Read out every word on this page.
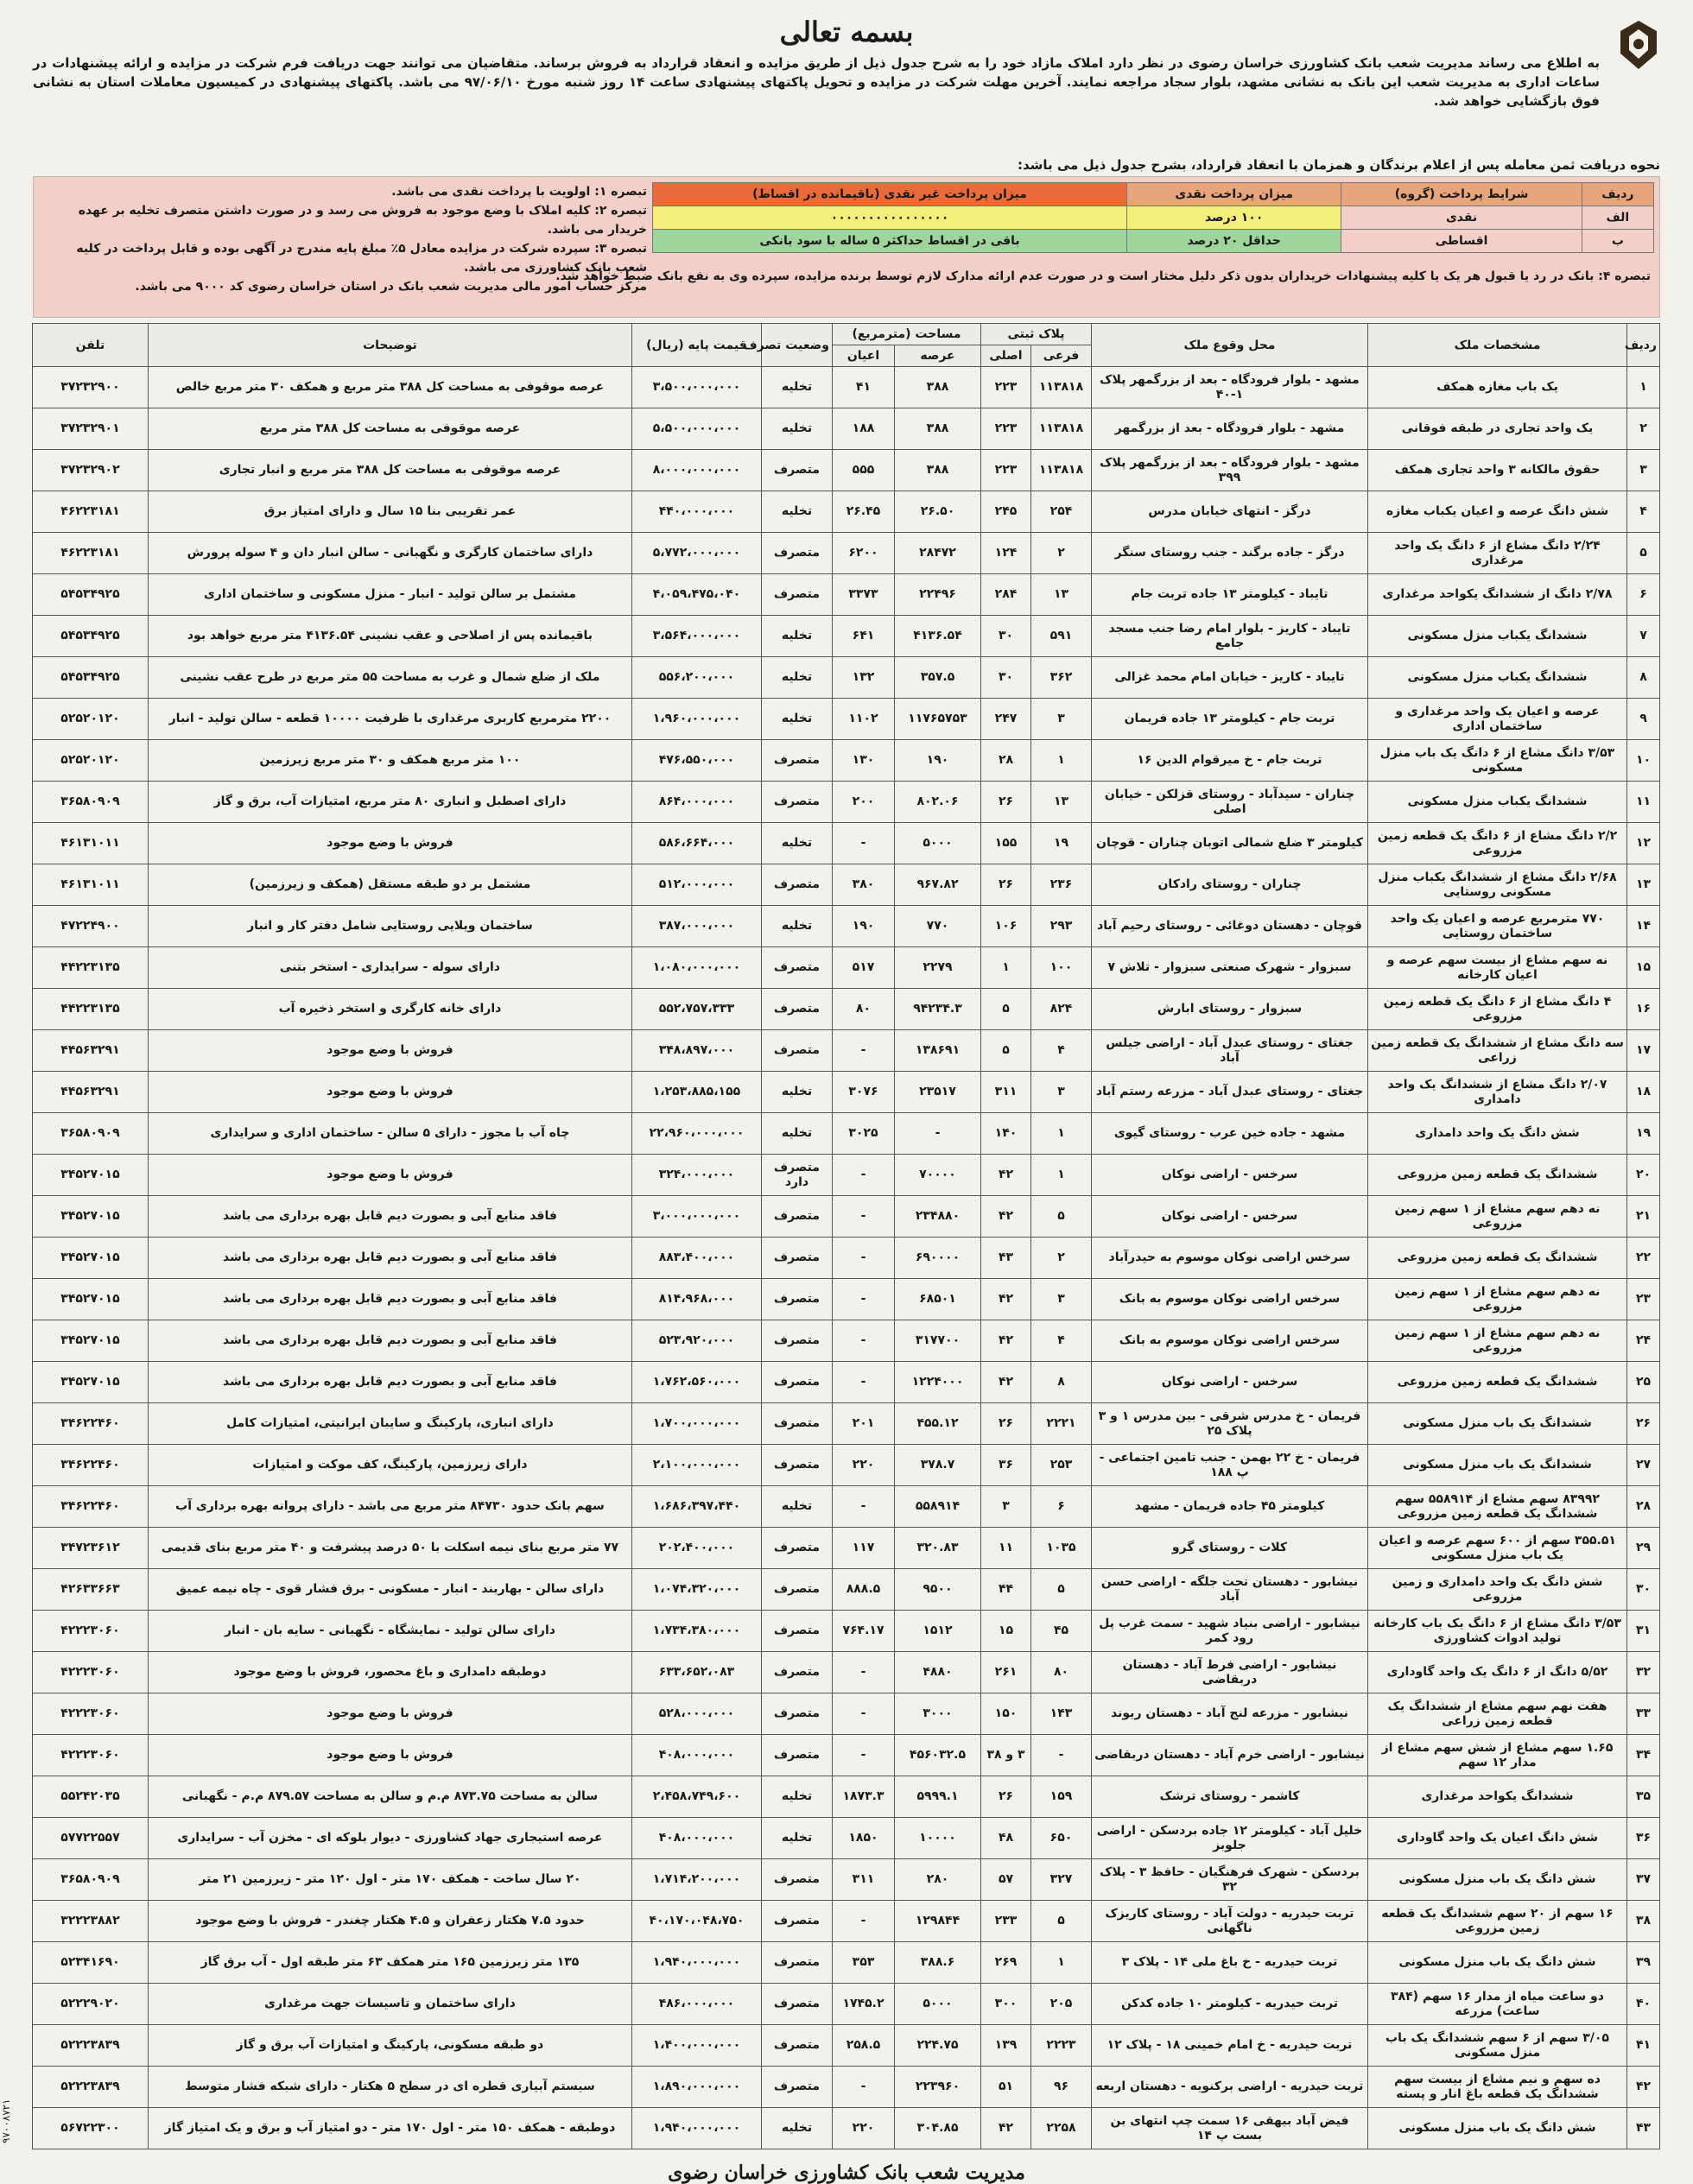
بسمه تعالی
به اطلاع می رساند مدیریت شعب بانک کشاورزی خراسان رضوی در نظر دارد املاک مازاد خود را به شرح جدول ذیل از طریق مزایده و انعقاد قرارداد به فروش برساند. متقاضیان می توانند جهت دریافت فرم شرکت در مزایده و ارائه پیشنهادات در ساعات اداری به مدیریت شعب این بانک به نشانی مشهد، بلوار سجاد مراجعه نمایند. آخرین مهلت شرکت در مزایده و تحویل پاکتهای پیشنهادی ساعت ۱۴ روز شنبه مورخ ۹۷/۰۶/۱۰ می باشد. پاکتهای پیشنهادی در کمیسیون معاملات استان به نشانی فوق بازگشایی خواهد شد.
نحوه دریافت ثمن معامله پس از اعلام برندگان و همزمان با انعقاد قرارداد، بشرح جدول ذیل می باشد:
ردیف	شرایط پرداخت (گروه)	میزان پرداخت نقدی	میزان پرداخت غیر نقدی (باقیمانده در اقساط)
الف	نقدی	۱۰۰ درصد	۰۰۰۰۰۰۰۰۰۰۰۰۰۰۰۰
ب	اقساطی	حداقل ۲۰ درصد	باقی در اقساط حداکثر ۵ ساله با سود بانکی
تبصره ۱: اولویت با پرداخت نقدی می باشد.
تبصره ۲: کلیه املاک با وضع موجود به فروش می رسد و در صورت داشتن متصرف تخلیه بر عهده خریدار می باشد.
تبصره ۳: سپرده شرکت در مزایده معادل ۵٪ مبلغ پایه مندرج در آگهی بوده و قابل پرداخت در کلیه شعب بانک کشاورزی می باشد.
مرکز حساب امور مالی مدیریت شعب بانک در استان خراسان رضوی کد ۹۰۰۰ می باشد.
تبصره ۴: بانک در رد یا قبول هر یک یا کلیه پیشنهادات خریداران بدون ذکر دلیل مختار است و در صورت عدم ارائه مدارک لازم توسط برنده مزایده، سپرده وی به نفع بانک ضبط خواهد شد.
ردیف	مشخصات ملک	محل وقوع ملک	پلاک ثبتی		مساحت (مترمربع)		وضعیت تصرف	قیمت پایه (ریال)	توضیحات	تلفن
			فرعی	اصلی	عرصه	اعیان				
۱	یک باب مغازه همکف	مشهد - بلوار فرودگاه - بعد از بزرگمهر پلاک ۱-۴۰	۱۱۳۸۱۸	۲۲۳	۳۸۸	۴۱	تخلیه	۳،۵۰۰،۰۰۰،۰۰۰	عرصه موقوفی به مساحت کل ۳۸۸ متر مربع و همکف ۳۰ متر مربع خالص	۳۷۲۳۲۹۰۰
۲	یک واحد تجاری در طبقه فوقانی	مشهد - بلوار فرودگاه - بعد از بزرگمهر	۱۱۳۸۱۸	۲۲۳	۳۸۸	۱۸۸	تخلیه	۵،۵۰۰،۰۰۰،۰۰۰	عرصه موقوفی به مساحت کل ۳۸۸ متر مربع	۳۷۲۳۲۹۰۱
۳	حقوق مالکانه ۳ واحد تجاری همکف	مشهد - بلوار فرودگاه - بعد از بزرگمهر پلاک ۳۹۹	۱۱۳۸۱۸	۲۲۳	۳۸۸	۵۵۵	متصرف	۸،۰۰۰،۰۰۰،۰۰۰	عرصه موقوفی به مساحت کل ۳۸۸ متر مربع و انبار تجاری	۳۷۲۳۲۹۰۲
۴	شش دانگ عرصه و اعیان یکباب مغازه	درگز - انتهای خیابان مدرس	۲۵۴	۲۴۵	۲۶.۵۰	۲۶.۴۵	تخلیه	۴۴۰،۰۰۰،۰۰۰	عمر تقریبی بنا ۱۵ سال و دارای امتیاز برق	۴۶۲۲۳۱۸۱
۵	۲/۲۴ دانگ مشاع از ۶ دانگ یک واحد مرغداری	درگز - جاده برگند - جنب روستای سنگر	۲	۱۲۴	۲۸۴۷۲	۶۲۰۰	متصرف	۵،۷۷۲،۰۰۰،۰۰۰	دارای ساختمان کارگری و نگهبانی - سالن انبار دان و ۴ سوله پرورش	۴۶۲۲۳۱۸۱
۶	۲/۷۸ دانگ از ششدانگ یکواحد مرغداری	تایباد - کیلومتر ۱۳ جاده تربت جام	۱۳	۲۸۴	۲۲۴۹۶	۳۳۷۳	متصرف	۴،۰۵۹،۴۷۵،۰۴۰	مشتمل بر سالن تولید - انبار - منزل مسکونی و ساختمان اداری	۵۴۵۳۴۹۲۵
۷	ششدانگ یکباب منزل مسکونی	تایباد - کاریز - بلوار امام رضا جنب مسجد جامع	۵۹۱	۳۰	۴۱۳۶.۵۴	۶۴۱	تخلیه	۳،۵۶۴،۰۰۰،۰۰۰	باقیمانده پس از اصلاحی و عقب نشینی ۴۱۳۶.۵۴ متر مربع خواهد بود	۵۴۵۳۴۹۲۵
۸	ششدانگ یکباب منزل مسکونی	تایباد - کاریز - خیابان امام محمد غزالی	۳۶۲	۳۰	۳۵۷.۵	۱۳۲	تخلیه	۵۵۶،۲۰۰،۰۰۰	ملک از ضلع شمال و غرب به مساحت ۵۵ متر مربع در طرح عقب نشینی	۵۴۵۳۴۹۲۵
۹	عرصه و اعیان یک واحد مرغداری و ساختمان اداری	تربت جام - کیلومتر ۱۳ جاده فریمان	۳	۲۴۷	۱۱۷۶۵۷۵۳	۱۱۰۲	تخلیه	۱،۹۶۰،۰۰۰،۰۰۰	۲۲۰۰ مترمربع کاربری مرغداری با ظرفیت ۱۰۰۰۰ قطعه - سالن تولید - انبار	۵۲۵۲۰۱۲۰
۱۰	۳/۵۳ دانگ مشاع از ۶ دانگ یک باب منزل مسکونی	تربت جام - خ میرقوام الدین ۱۶	۱	۲۸	۱۹۰	۱۳۰	متصرف	۴۷۶،۵۵۰،۰۰۰	۱۰۰ متر مربع همکف و ۳۰ متر مربع زیرزمین	۵۲۵۲۰۱۲۰
۱۱	ششدانگ یکباب منزل مسکونی	چناران - سیدآباد - روستای قزلکن - خیابان اصلی	۱۳	۲۶	۸۰۲.۰۶	۲۰۰	متصرف	۸۶۴،۰۰۰،۰۰۰	دارای اصطبل و انباری ۸۰ متر مربع، امتیازات آب، برق و گاز	۳۶۵۸۰۹۰۹
۱۲	۲/۲ دانگ مشاع از ۶ دانگ یک قطعه زمین مزروعی	کیلومتر ۳ ضلع شمالی اتوبان چناران - قوچان	۱۹	۱۵۵	۵۰۰۰	-	تخلیه	۵۸۶،۶۶۴،۰۰۰	فروش با وضع موجود	۴۶۱۳۱۰۱۱
۱۳	۲/۶۸ دانگ مشاع از ششدانگ یکباب منزل مسکونی روستایی	چناران - روستای رادکان	۲۳۶	۲۶	۹۶۷.۸۲	۳۸۰	متصرف	۵۱۲،۰۰۰،۰۰۰	مشتمل بر دو طبقه مستقل (همکف و زیرزمین)	۴۶۱۳۱۰۱۱
۱۴	۷۷۰ مترمربع عرصه و اعیان یک واحد ساختمان روستایی	قوچان - دهستان دوغائی - روستای رحیم آباد	۲۹۳	۱۰۶	۷۷۰	۱۹۰	تخلیه	۳۸۷،۰۰۰،۰۰۰	ساختمان ویلایی روستایی شامل دفتر کار و انبار	۴۷۲۲۴۹۰۰
۱۵	نه سهم مشاع از بیست سهم عرصه و اعیان کارخانه	سبزوار - شهرک صنعتی سبزوار - تلاش ۷	۱۰۰	۱	۲۲۷۹	۵۱۷	متصرف	۱،۰۸۰،۰۰۰،۰۰۰	دارای سوله - سرایداری - استخر بتنی	۴۴۲۲۳۱۳۵
۱۶	۴ دانگ مشاع از ۶ دانگ یک قطعه زمین مزروعی	سبزوار - روستای ابارش	۸۲۴	۵	۹۴۲۳۴.۳	۸۰	متصرف	۵۵۲،۷۵۷،۳۳۳	دارای خانه کارگری و استخر ذخیره آب	۴۴۲۲۳۱۳۵
۱۷	سه دانگ مشاع از ششدانگ یک قطعه زمین زراعی	جغتای - روستای عبدل آباد - اراضی جیلس آباد	۴	۵	۱۳۸۶۹۱	-	متصرف	۳۴۸،۸۹۷،۰۰۰	فروش با وضع موجود	۴۴۵۶۳۲۹۱
۱۸	۲/۰۷ دانگ مشاع از ششدانگ یک واحد دامداری	جغتای - روستای عبدل آباد - مزرعه رستم آباد	۳	۳۱۱	۲۳۵۱۷	۳۰۷۶	تخلیه	۱،۲۵۳،۸۸۵،۱۵۵	فروش با وضع موجود	۴۴۵۶۳۲۹۱
۱۹	شش دانگ یک واحد دامداری	مشهد - جاده خین عرب - روستای گیوی	۱	۱۴۰	-	۳۰۲۵	تخلیه	۲۲،۹۶۰،۰۰۰،۰۰۰	چاه آب با مجوز - دارای ۵ سالن - ساختمان اداری و سرایداری	۳۶۵۸۰۹۰۹
۲۰	ششدانگ یک قطعه زمین مزروعی	سرخس - اراضی نوکان	۱	۴۲	۷۰۰۰۰	-	متصرف دارد	۳۲۴،۰۰۰،۰۰۰	فروش با وضع موجود	۳۴۵۲۷۰۱۵
۲۱	نه دهم سهم مشاع از ۱ سهم زمین مزروعی	سرخس - اراضی نوکان	۵	۴۲	۲۳۴۸۸۰	-	متصرف	۳،۰۰۰،۰۰۰،۰۰۰	فاقد منابع آبی و بصورت دیم قابل بهره برداری می باشد	۳۴۵۲۷۰۱۵
۲۲	ششدانگ یک قطعه زمین مزروعی	سرخس اراضی نوکان موسوم به حیدرآباد	۲	۴۳	۶۹۰۰۰۰	-	متصرف	۸۸۳،۴۰۰،۰۰۰	فاقد منابع آبی و بصورت دیم قابل بهره برداری می باشد	۳۴۵۲۷۰۱۵
۲۳	نه دهم سهم مشاع از ۱ سهم زمین مزروعی	سرخس اراضی نوکان موسوم به بانک	۳	۴۲	۶۸۵۰۱	-	متصرف	۸۱۴،۹۶۸،۰۰۰	فاقد منابع آبی و بصورت دیم قابل بهره برداری می باشد	۳۴۵۲۷۰۱۵
۲۴	نه دهم سهم مشاع از ۱ سهم زمین مزروعی	سرخس اراضی نوکان موسوم به بانک	۴	۴۲	۳۱۷۷۰۰	-	متصرف	۵۲۳،۹۲۰،۰۰۰	فاقد منابع آبی و بصورت دیم قابل بهره برداری می باشد	۳۴۵۲۷۰۱۵
۲۵	ششدانگ یک قطعه زمین مزروعی	سرخس - اراضی نوکان	۸	۴۲	۱۲۲۴۰۰۰	-	متصرف	۱،۷۶۲،۵۶۰،۰۰۰	فاقد منابع آبی و بصورت دیم قابل بهره برداری می باشد	۳۴۵۲۷۰۱۵
۲۶	ششدانگ یک باب منزل مسکونی	فریمان - خ مدرس شرقی - بین مدرس ۱ و ۳ پلاک ۲۵	۲۲۲۱	۲۶	۴۵۵.۱۲	۲۰۱	متصرف	۱،۷۰۰،۰۰۰،۰۰۰	دارای انباری، پارکینگ و سایبان ایرانیتی، امتیازات کامل	۳۴۶۲۲۴۶۰
۲۷	ششدانگ یک باب منزل مسکونی	فریمان - خ ۲۲ بهمن - جنب تامین اجتماعی - پ ۱۸۸	۲۵۳	۳۶	۳۷۸.۷	۲۲۰	متصرف	۲،۱۰۰،۰۰۰،۰۰۰	دارای زیرزمین، پارکینگ، کف موکت و امتیازات	۳۴۶۲۲۴۶۰
۲۸	۸۳۹۹۲ سهم مشاع از ۵۵۸۹۱۴ سهم ششدانگ یک قطعه زمین مزروعی	کیلومتر ۴۵ جاده فریمان - مشهد	۶	۳	۵۵۸۹۱۴	-	تخلیه	۱،۶۸۶،۳۹۷،۴۴۰	سهم بانک حدود ۸۴۷۳۰ متر مربع می باشد - دارای پروانه بهره برداری آب	۳۴۶۲۲۴۶۰
۲۹	۳۵۵.۵۱ سهم از ۶۰۰ سهم عرصه و اعیان یک باب منزل مسکونی	کلات - روستای گرو	۱۰۳۵	۱۱	۳۲۰.۸۳	۱۱۷	متصرف	۲۰۲،۴۰۰،۰۰۰	۷۷ متر مربع بنای نیمه اسکلت با ۵۰ درصد پیشرفت و ۴۰ متر مربع بنای قدیمی	۳۴۷۲۳۶۱۲
۳۰	شش دانگ یک واحد دامداری و زمین مزروعی	نیشابور - دهستان تحت جلگه - اراضی حسن آباد	۵	۴۴	۹۵۰۰	۸۸۸.۵	متصرف	۱،۰۷۴،۳۲۰،۰۰۰	دارای سالن - بهاربند - انبار - مسکونی - برق فشار قوی - چاه نیمه عمیق	۴۲۶۳۳۶۶۳
۳۱	۳/۵۳ دانگ مشاع از ۶ دانگ یک باب کارخانه تولید ادوات کشاورزی	نیشابور - اراضی بنیاد شهید - سمت غرب پل رود کمر	۴۵	۱۵	۱۵۱۲	۷۶۴.۱۷	متصرف	۱،۷۳۴،۳۸۰،۰۰۰	دارای سالن تولید - نمایشگاه - نگهبانی - سایه بان - انبار	۴۲۲۲۳۰۶۰
۳۲	۵/۵۲ دانگ از ۶ دانگ یک واحد گاوداری	نیشابور - اراضی فرط آباد - دهستان دربقاضی	۸۰	۲۶۱	۴۸۸۰	-	متصرف	۶۳۳،۶۵۲،۰۸۳	دوطبقه دامداری و باغ محصور، فروش با وضع موجود	۴۲۲۲۳۰۶۰
۳۳	هفت نهم سهم مشاع از ششدانگ یک قطعه زمین زراعی	نیشابور - مزرعه لنج آباد - دهستان ریوند	۱۴۳	۱۵۰	۳۰۰۰	-	متصرف	۵۲۸،۰۰۰،۰۰۰	فروش با وضع موجود	۴۲۲۲۳۰۶۰
۳۴	۱.۶۵ سهم مشاع از شش سهم مشاع از مدار ۱۲ سهم	نیشابور - اراضی خرم آباد - دهستان دربقاضی	-	۳ و ۳۸	۴۵۶۰۳۲.۵	-	متصرف	۴۰۸،۰۰۰،۰۰۰	فروش با وضع موجود	۴۲۲۲۳۰۶۰
۳۵	ششدانگ یکواحد مرغداری	کاشمر - روستای ترشک	۱۵۹	۲۶	۵۹۹۹.۱	۱۸۷۳.۳	تخلیه	۲،۴۵۸،۷۴۹،۶۰۰	سالن به مساحت ۸۷۳.۷۵ م.م و سالن به مساحت ۸۷۹.۵۷ م.م - نگهبانی	۵۵۲۴۲۰۳۵
۳۶	شش دانگ اعیان یک واحد گاوداری	خلیل آباد - کیلومتر ۱۲ جاده بردسکن - اراضی جلوبز	۶۵۰	۴۸	۱۰۰۰۰	۱۸۵۰	تخلیه	۴۰۸،۰۰۰،۰۰۰	عرصه استیجاری جهاد کشاورزی - دیوار بلوکه ای - مخزن آب - سرایداری	۵۷۷۲۲۵۵۷
۳۷	شش دانگ یک باب منزل مسکونی	بردسکن - شهرک فرهنگیان - حافظ ۳ - پلاک ۳۲	۳۲۷	۵۷	۲۸۰	۳۱۱	متصرف	۱،۷۱۴،۲۰۰،۰۰۰	۲۰ سال ساخت - همکف ۱۷۰ متر - اول ۱۲۰ متر - زیرزمین ۲۱ متر	۳۶۵۸۰۹۰۹
۳۸	۱۶ سهم از ۲۰ سهم ششدانگ یک قطعه زمین مزروعی	تربت حیدریه - دولت آباد - روستای کاریزک ناگهانی	۵	۲۳۳	۱۲۹۸۴۴	-	متصرف	۴۰،۱۷۰،۰۴۸،۷۵۰	حدود ۷.۵ هکتار زعفران و ۴.۵ هکتار چغندر - فروش با وضع موجود	۳۲۲۲۳۸۸۲
۳۹	شش دانگ یک باب منزل مسکونی	تربت حیدریه - خ باغ ملی ۱۴ - پلاک ۳	۱	۲۶۹	۳۸۸.۶	۳۵۳	متصرف	۱،۹۴۰،۰۰۰،۰۰۰	۱۳۵ متر زیرزمین ۱۶۵ متر همکف ۶۳ متر طبقه اول - آب برق گاز	۵۲۳۴۱۶۹۰
۴۰	دو ساعت میاه از مدار ۱۶ سهم (۳۸۴ ساعت) مزرعه	تربت حیدریه - کیلومتر ۱۰ جاده کدکن	۲۰۵	۳۰۰	۵۰۰۰	۱۷۴۵.۲	متصرف	۴۸۶،۰۰۰،۰۰۰	دارای ساختمان و تاسیسات جهت مرغداری	۵۲۲۲۹۰۲۰
۴۱	۳/۰۵ سهم از ۶ سهم ششدانگ یک باب منزل مسکونی	تربت حیدریه - خ امام خمینی ۱۸ - پلاک ۱۲	۲۲۲۳	۱۳۹	۲۲۴.۷۵	۲۵۸.۵	متصرف	۱،۴۰۰،۰۰۰،۰۰۰	دو طبقه مسکونی، پارکینگ و امتیازات آب برق و گاز	۵۲۲۲۳۸۳۹
۴۲	ده سهم و نیم مشاع از بیست سهم ششدانگ یک قطعه باغ انار و پسته	تربت حیدریه - اراضی برکنویه - دهستان اربعه	۹۶	۵۱	۲۲۳۹۶۰	-	متصرف	۱،۸۹۰،۰۰۰،۰۰۰	سیستم آبیاری قطره ای در سطح ۵ هکتار - دارای شبکه فشار متوسط	۵۲۲۲۳۸۳۹
۴۳	شش دانگ یک باب منزل مسکونی	فیض آباد بیهقی ۱۶ سمت چپ انتهای بن بست پ ۱۴	۲۲۵۸	۴۲	۳۰۴.۸۵	۲۲۰	تخلیه	۱،۹۴۰،۰۰۰،۰۰۰	دوطبقه - همکف ۱۵۰ متر - اول ۱۷۰ متر - دو امتیاز آب و برق و یک امتیاز گاز	۵۶۷۲۲۳۰۰
مدیریت شعب بانک کشاورزی خراسان رضوی
۹۷۰۰۸۷۲۱
